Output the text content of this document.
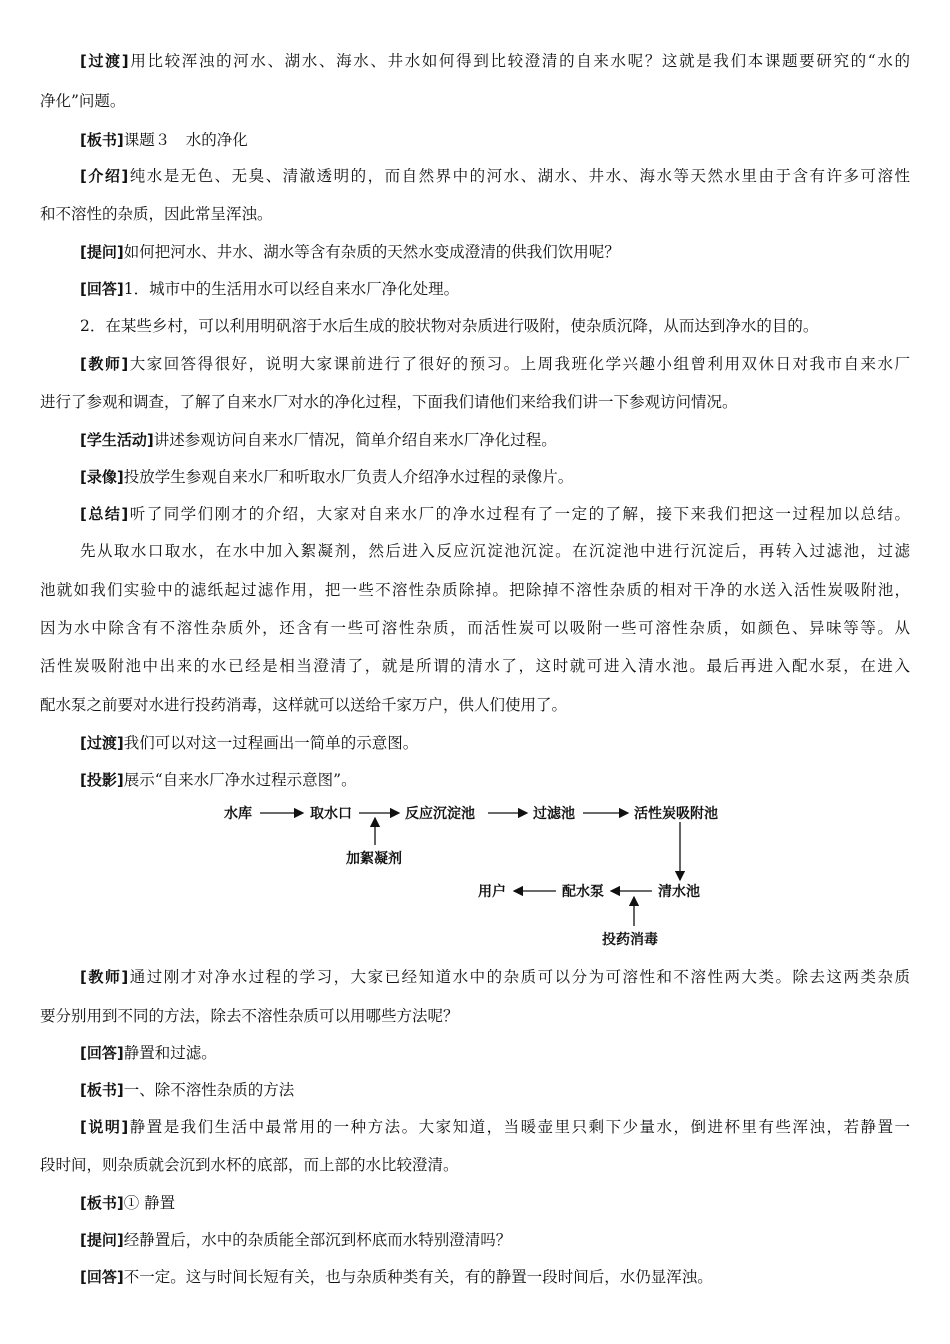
[过渡]用比较浑浊的河水、湖水、海水、井水如何得到比较澄清的自来水呢？这就是我们本课题要研究的“水的

净化”问题。

[板书]课题３　水的净化

[介绍]纯水是无色、无臭、清澈透明的，而自然界中的河水、湖水、井水、海水等天然水里由于含有许多可溶性

和不溶性的杂质，因此常呈浑浊。

[提问]如何把河水、井水、湖水等含有杂质的天然水变成澄清的供我们饮用呢？

[回答]1．城市中的生活用水可以经自来水厂净化处理。

2．在某些乡村，可以利用明矾溶于水后生成的胶状物对杂质进行吸附，使杂质沉降，从而达到净水的目的。

[教师]大家回答得很好，说明大家课前进行了很好的预习。上周我班化学兴趣小组曾利用双休日对我市自来水厂

进行了参观和调查，了解了自来水厂对水的净化过程，下面我们请他们来给我们讲一下参观访问情况。

[学生活动]讲述参观访问自来水厂情况，简单介绍自来水厂净化过程。

[录像]投放学生参观自来水厂和听取水厂负责人介绍净水过程的录像片。

[总结]听了同学们刚才的介绍，大家对自来水厂的净水过程有了一定的了解，接下来我们把这一过程加以总结。

先从取水口取水，在水中加入絮凝剂，然后进入反应沉淀池沉淀。在沉淀池中进行沉淀后，再转入过滤池，过滤

池就如我们实验中的滤纸起过滤作用，把一些不溶性杂质除掉。把除掉不溶性杂质的相对干净的水送入活性炭吸附池，

因为水中除含有不溶性杂质外，还含有一些可溶性杂质，而活性炭可以吸附一些可溶性杂质，如颜色、异味等等。从

活性炭吸附池中出来的水已经是相当澄清了，就是所谓的清水了，这时就可进入清水池。最后再进入配水泵，在进入

配水泵之前要对水进行投药消毒，这样就可以送给千家万户，供人们使用了。

[过渡]我们可以对这一过程画出一简单的示意图。

[投影]展示“自来水厂净水过程示意图”。

水库	取水口	反应沉淀池	过滤池	活性炭吸附池
加絮凝剂
用户	配水泵	清水池
投药消毒

[教师]通过刚才对净水过程的学习，大家已经知道水中的杂质可以分为可溶性和不溶性两大类。除去这两类杂质

要分别用到不同的方法，除去不溶性杂质可以用哪些方法呢？

[回答]静置和过滤。

[板书]一、除不溶性杂质的方法

[说明]静置是我们生活中最常用的一种方法。大家知道，当暖壶里只剩下少量水，倒进杯里有些浑浊，若静置一

段时间，则杂质就会沉到水杯的底部，而上部的水比较澄清。

[板书]① 静置

[提问]经静置后，水中的杂质能全部沉到杯底而水特别澄清吗？

[回答]不一定。这与时间长短有关，也与杂质种类有关，有的静置一段时间后，水仍显浑浊。
